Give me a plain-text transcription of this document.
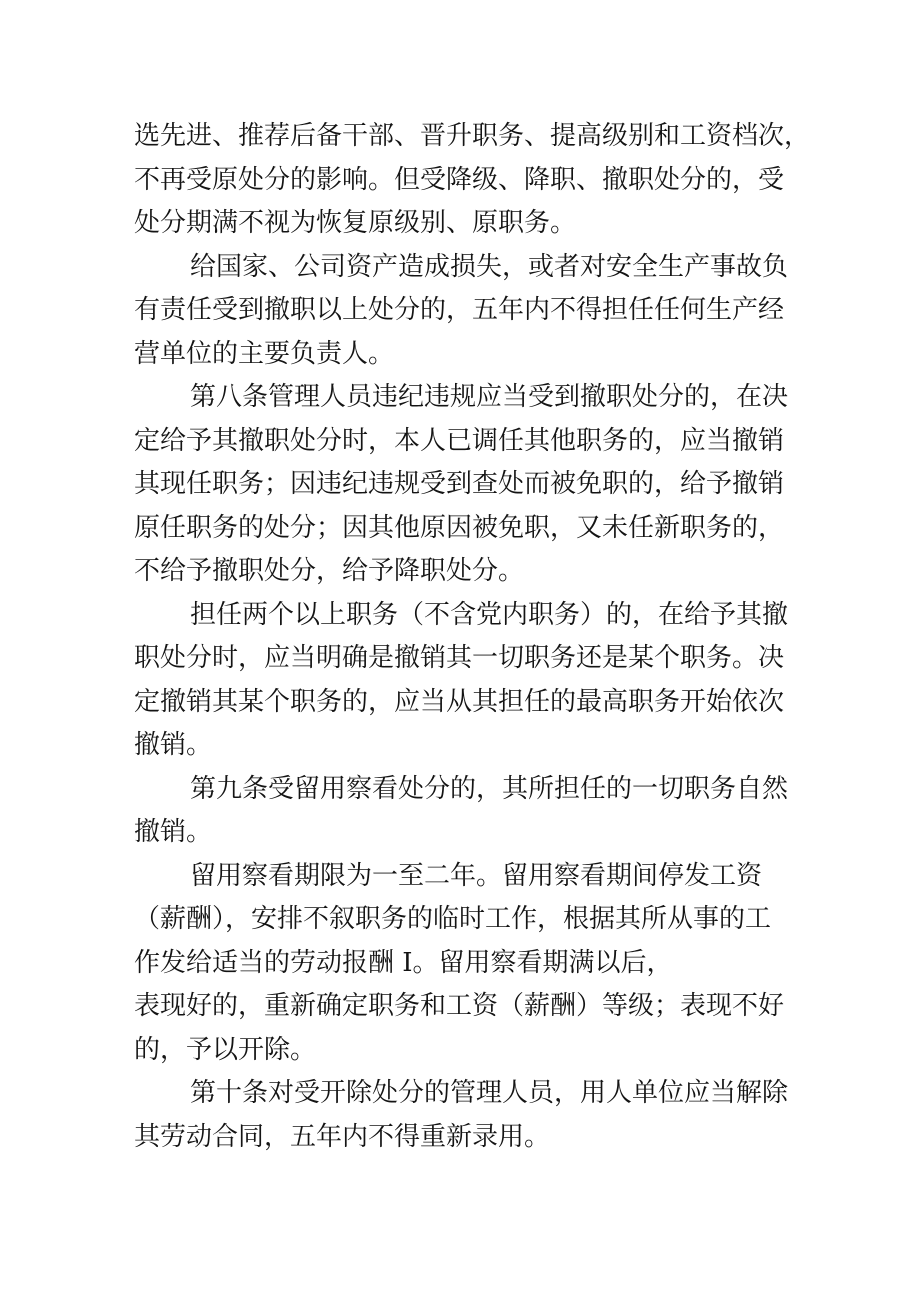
选先进、推荐后备干部、晋升职务、提高级别和工资档次，
不再受原处分的影响。但受降级、降职、撤职处分的，受
处分期满不视为恢复原级别、原职务。
给国家、公司资产造成损失，或者对安全生产事故负
有责任受到撤职以上处分的，五年内不得担任任何生产经
营单位的主要负责人。
第八条管理人员违纪违规应当受到撤职处分的，在决
定给予其撤职处分时，本人已调任其他职务的，应当撤销
其现任职务；因违纪违规受到查处而被免职的，给予撤销
原任职务的处分；因其他原因被免职，又未任新职务的，
不给予撤职处分，给予降职处分。
担任两个以上职务（不含党内职务）的，在给予其撤
职处分时，应当明确是撤销其一切职务还是某个职务。决
定撤销其某个职务的，应当从其担任的最高职务开始依次
撤销。
第九条受留用察看处分的，其所担任的一切职务自然
撤销。
留用察看期限为一至二年。留用察看期间停发工资
（薪酬），安排不叙职务的临时工作，根据其所从事的工
作发给适当的劳动报酬 I。留用察看期满以后，
表现好的，重新确定职务和工资（薪酬）等级；表现不好
的，予以开除。
第十条对受开除处分的管理人员，用人单位应当解除
其劳动合同，五年内不得重新录用。
